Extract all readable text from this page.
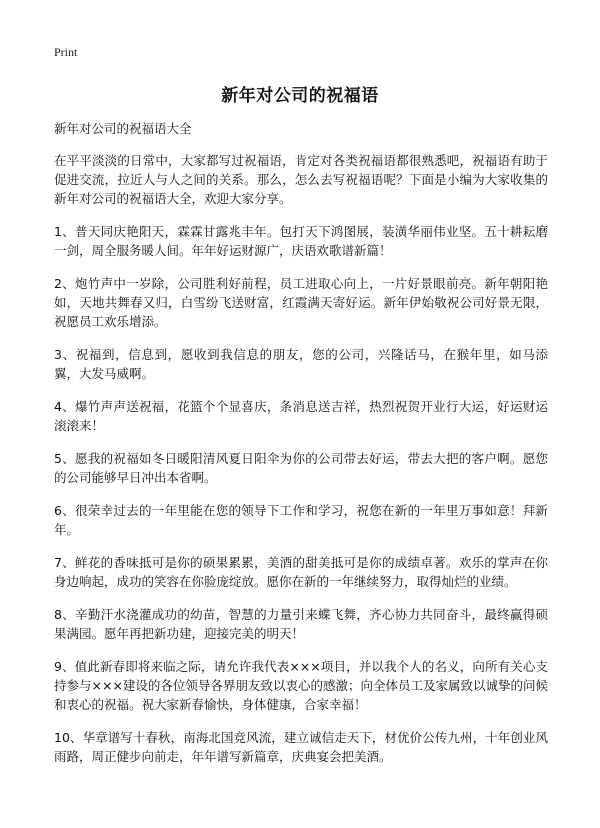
Print
新年对公司的祝福语

新年对公司的祝福语大全

在平平淡淡的日常中，大家都写过祝福语，肯定对各类祝福语都很熟悉吧，祝福语有助于促进交流，拉近人与人之间的关系。那么，怎么去写祝福语呢？下面是小编为大家收集的新年对公司的祝福语大全，欢迎大家分享。

1、普天同庆艳阳天，霖霖甘露兆丰年。包打天下鸿图展，装潢华丽伟业坚。五十耕耘磨一剑，周全服务暖人间。年年好运财源广，庆语欢歌谱新篇！

2、炮竹声中一岁除，公司胜利好前程，员工进取心向上，一片好景眼前亮。新年朝阳艳如，天地共舞春又归，白雪纷飞送财富，红霞满天寄好运。新年伊始敬祝公司好景无限，祝愿员工欢乐增添。

3、祝福到，信息到，愿收到我信息的朋友，您的公司，兴隆话马，在猴年里，如马添翼，大发马威啊。

4、爆竹声声送祝福，花篮个个显喜庆，条消息送吉祥，热烈祝贺开业行大运，好运财运滚滚来！

5、愿我的祝福如冬日暖阳清风夏日阳伞为你的公司带去好运，带去大把的客户啊。愿您的公司能够早日冲出本省啊。

6、很荣幸过去的一年里能在您的领导下工作和学习，祝您在新的一年里万事如意！拜新年。

7、鲜花的香味抵可是你的硕果累累，美酒的甜美抵可是你的成绩卓著。欢乐的掌声在你身边响起，成功的笑容在你脸庞绽放。愿你在新的一年继续努力，取得灿烂的业绩。

8、辛勤汗水浇灌成功的幼苗，智慧的力量引来蝶飞舞，齐心协力共同奋斗，最终赢得硕果满园。愿年再把新功建，迎接完美的明天！

9、值此新春即将来临之际，请允许我代表×××项目，并以我个人的名义，向所有关心支持参与×××建设的各位领导各界朋友致以衷心的感激；向全体员工及家属致以诚挚的问候和衷心的祝福。祝大家新春愉快，身体健康，合家幸福！

10、华章谱写十春秋，南海北国竞风流，建立诚信走天下，材优价公传九州，十年创业风雨路，周正健步向前走，年年谱写新篇章，庆典宴会把美酒。
